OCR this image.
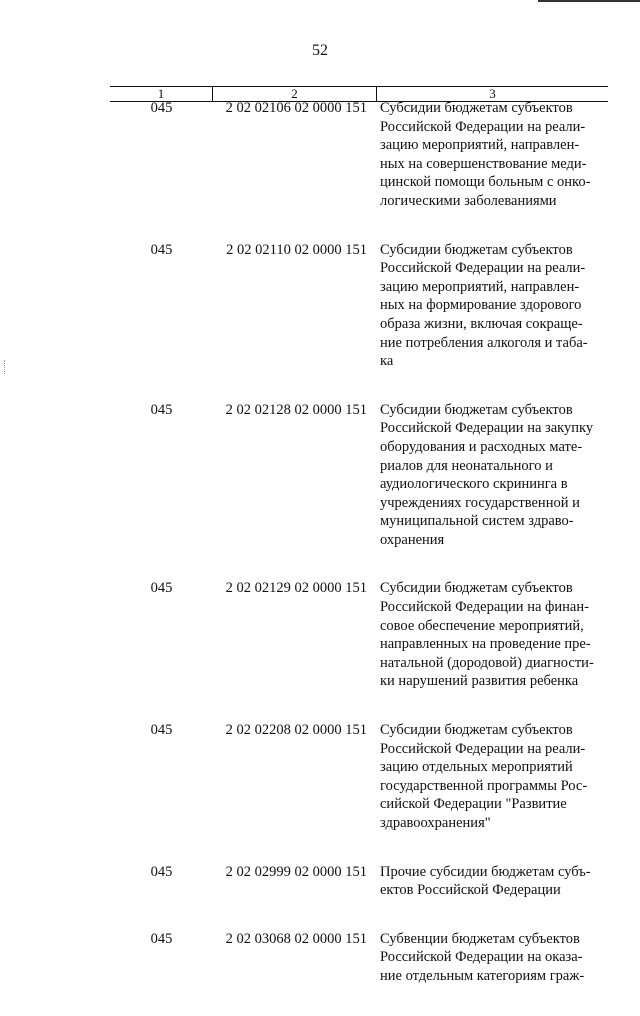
52
1	2	3
045	2 02 02106 02 0000 151 Субсидии бюджетам субъектов
Российской Федерации на реали-
зацию мероприятий, направлен-
ных на совершенствование меди-
цинской помощи больным с онко-
логическими заболеваниями
045	2 02 02110 02 0000 151 Субсидии бюджетам субъектов
Российской Федерации на реали-
зацию мероприятий, направлен-
ных на формирование здорового
образа жизни, включая сокраще-
ние потребления алкоголя и таба-
ка
045	2 02 02128 02 0000 151 Субсидии бюджетам субъектов
Российской Федерации на закупку
оборудования и расходных мате-
риалов для неонатального и
аудиологического скрининга в
учреждениях государственной и
муниципальной систем здраво-
охранения
045	2 02 02129 02 0000 151 Субсидии бюджетам субъектов
Российской Федерации на финан-
совое обеспечение мероприятий,
направленных на проведение пре-
натальной (дородовой) диагности-
ки нарушений развития ребенка
045	2 02 02208 02 0000 151 Субсидии бюджетам субъектов
Российской Федерации на реали-
зацию отдельных мероприятий
государственной программы Рос-
сийской Федерации "Развитие
здравоохранения"
045	2 02 02999 02 0000 151 Прочие субсидии бюджетам субъ-
ектов Российской Федерации
045	2 02 03068 02 0000 151 Субвенции бюджетам субъектов
Российской Федерации на оказа-
ние отдельным категориям граж-
